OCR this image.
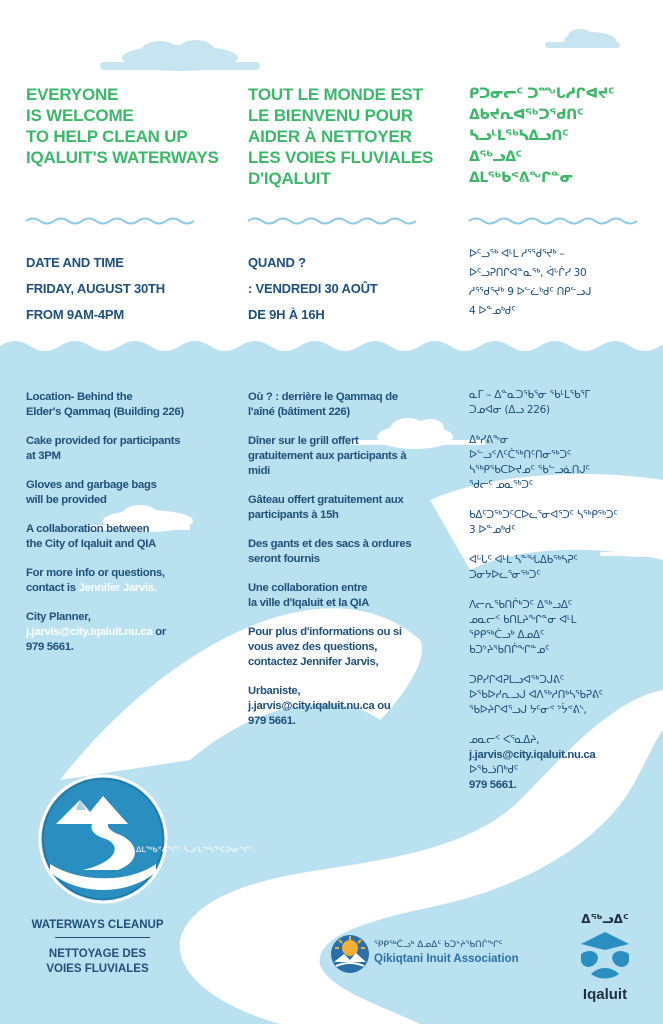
EVERYONE
IS WELCOME
TO HELP CLEAN UP
IQALUIT'S WATERWAYS
TOUT LE MONDE EST
LE BIENVENU POUR
AIDER À NETTOYER
LES VOIES FLUVIALES
D'IQALUIT
ᑭᑐᓂᓕᑦ ᑐᙵᓱᒋᐊᔪᑦ
ᐃᑲᔪᕆᐊᖅᑐᖁᑎᑦ
ᓴᓗᒻᒪᖅᓴᐃᓗᑎᑦ
ᐃᖅᓗᐃᑦ
ᐃᒪᖅᑲᕝᕕᖏᓐᓂ
DATE AND TIME
FRIDAY, AUGUST 30TH
FROM 9AM-4PM
QUAND ?
: VENDREDI 30 AOÛT
DE 9H À 16H
ᐅᑦᓗᖅ ᐊᒻᒪ ᓱᕐᖁᕐᔪᒃ –
ᐅᑦᓗᕈᑎᒋᐊᓐᓇᖅ, ᐋᒡᒌᓯ 30
ᓱᕐᖁᕐᔪᒃ 9 ᐅᓪᓛᒃᑯᑦ ᑎᑭᓪᓗᒍ
4 ᐅᓐᓄᒃᑯᑦ

Location- Behind the
Elder's Qammaq (Building 226)

Cake provided for participants
at 3PM

Gloves and garbage bags
will be provided

A collaboration between
the City of Iqaluit and QIA

For more info or questions,
contact is Jennifer Jarvis.

City Planner,
j.jarvis@city.iqaluit.nu.ca or
979 5661.

Où ? : derrière le Qammaq de
l'aîné (bâtiment 226)

Dîner sur le grill offert
gratuitement aux participants à
midi

Gâteau offert gratuitement aux
participants à 15h

Des gants et des sacs à ordures
seront fournis

Une collaboration entre
la ville d'Iqaluit et la QIA

Pour plus d'informations ou si
vous avez des questions,
contactez Jennifer Jarvis,

Urbaniste,
j.jarvis@city.iqaluit.nu.ca ou
979 5661.

ᓇᒥ – ᐃᓐᓇᑐᖃᕐᓂ ᖃᒻᒪᖃᕐᒥ
ᑐᓄᐊᓂ (ᐃᓗ 226)

ᐃᒃᓯᕕᖕᓂ
ᐅᓪᓗᑉᐱᑦᑖᖅᑎᑦᑎᓂᖅᑐᑦ
ᓴᖅᑭᖃᑕᐅᔪᓄᑦ ᖃᓪᓗᓈᑎᒍᑦ
ᖁᓕᑦ ᓄᓇᖅᑐᑦ

ᑲᐃᑦᑐᖅᑐᑦᑕᐅᓚᕐᓂᐊᕐᑐᑦ ᓴᖅᑭᖅᑐᑦ
3 ᐅᓐᓄᒃᑯᑦ

ᐊᒡᒐᑦ ᐊᒻᒪ ᓴᓐᖓᐃᑲᖅᓴᕈᑦ
ᑐᓂᔭᐅᓚᕐᓂᖅᑐᑦ

ᐱᓕᕆᖃᑎᒌᒃᑐᑦ ᐃᖅᓗᐃᑦ
ᓄᓇᓕᑉ ᑲᑎᒪᔨᖏᓐᓂ ᐊᒻᒪ
ᕿᑭᖅᑖᓗᒃ ᐃᓄᐃᑦ
ᑲᑐᔾᔨᖃᑎᒌᖏᓐᓄᑦ

ᑐᑭᓯᒋᐊᕈᒪᓗᐊᖅᑐᒍᕕᑦ
ᐅᖃᐅᓯᕆᓗᒍ ᐊᐱᖅᓱᑎᒃᓴᖃᕈᕕᑦ
ᖃᐅᔨᒋᐊᕐᓗᒍ ᔭᑦᓂᕝ ᔾᔮᕝᕕᔅ,

ᓄᓇᓕᑉ ᐸᕐᓇᐃᔨ,
j.jarvis@city.iqaluit.nu.ca
ᐅᖃᓘᑎᒃᑯᑦ
979 5661.

ᐃᒪᖅᑲᕝᕕᖏᑦ ᓴᓗᒻᒪᖅᓴᖅᑕᐅᓂᖏᑦ
WATERWAYS CLEANUP
NETTOYAGE DES
VOIES FLUVIALES
ᕿᑭᖅᑖᓗᒃ ᐃᓄᐃᑦ ᑲᑐᔾᔨᖃᑎᒌᖏᑦ
Qikiqtani Inuit Association
ᐃᖅᓗᐃᑦ
Iqaluit
